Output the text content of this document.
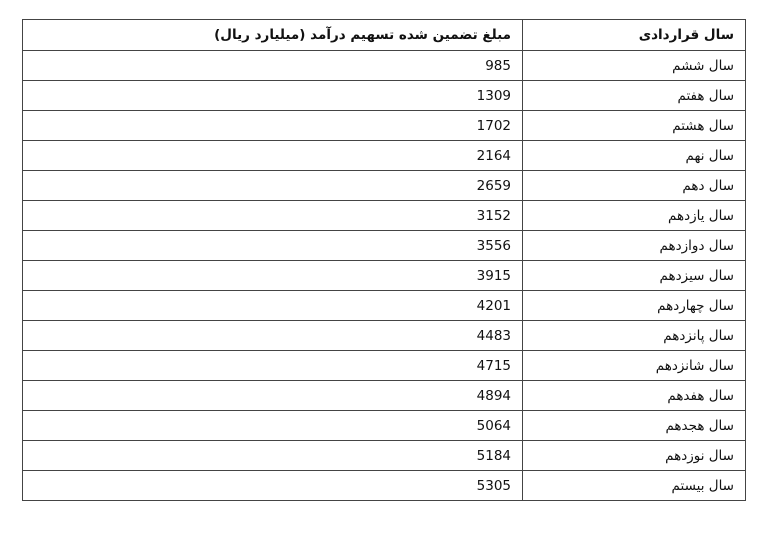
سال قراردادی
مبلغ تضمین شده تسهیم درآمد (میلیارد ریال)
سال ششم
985
سال هفتم
1309
سال هشتم
1702
سال نهم
2164
سال دهم
2659
سال یازدهم
3152
سال دوازدهم
3556
سال سیزدهم
3915
سال چهاردهم
4201
سال پانزدهم
4483
سال شانزدهم
4715
سال هفدهم
4894
سال هجدهم
5064
سال نوزدهم
5184
سال بیستم
5305
